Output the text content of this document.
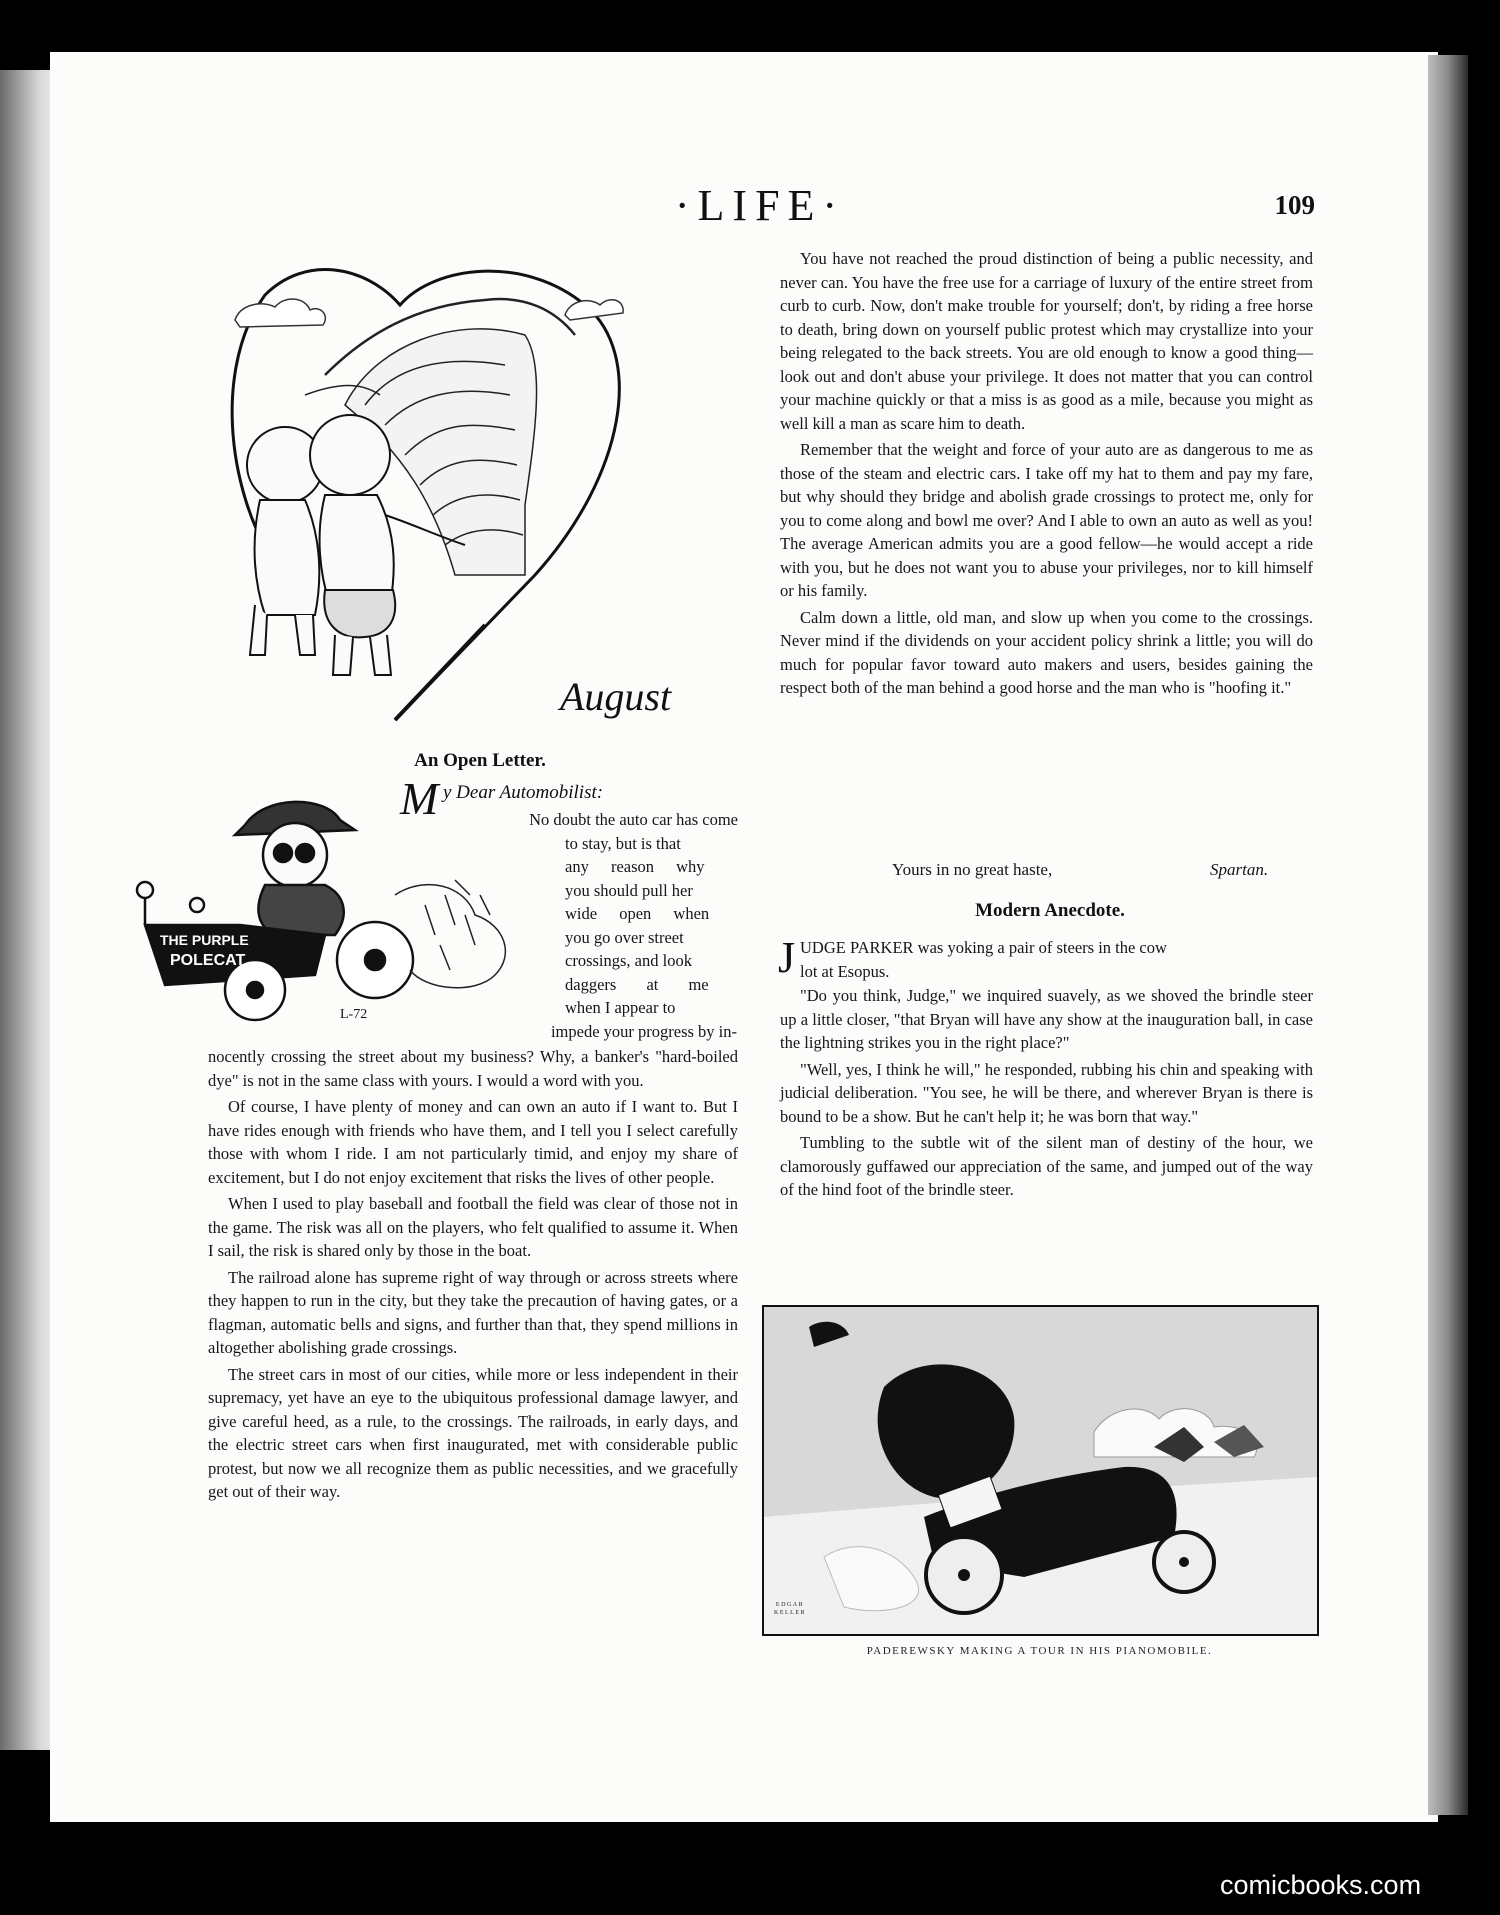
·LIFE·	109
August
An Open Letter.
M y Dear Automobilist:
THE PURPLE
POLECAT
L-72
No doubt the auto car has come
to stay, but is that
any reason why
you should pull her
wide open when
you go over street
crossings, and look
daggers at me
when I appear to
impede your progress by in-

nocently crossing the street about my business? Why, a banker's "hard-boiled dye" is not in the same class with yours. I would a word with you.

Of course, I have plenty of money and can own an auto if I want to. But I have rides enough with friends who have them, and I tell you I select carefully those with whom I ride. I am not particularly timid, and enjoy my share of excitement, but I do not enjoy excitement that risks the lives of other people.

When I used to play baseball and football the field was clear of those not in the game. The risk was all on the players, who felt qualified to assume it. When I sail, the risk is shared only by those in the boat.

The railroad alone has supreme right of way through or across streets where they happen to run in the city, but they take the precaution of having gates, or a flagman, automatic bells and signs, and further than that, they spend millions in altogether abolishing grade crossings.

The street cars in most of our cities, while more or less independent in their supremacy, yet have an eye to the ubiquitous professional damage lawyer, and give careful heed, as a rule, to the crossings. The railroads, in early days, and the electric street cars when first inaugurated, met with considerable public protest, but now we all recognize them as public necessities, and we gracefully get out of their way.

You have not reached the proud distinction of being a public necessity, and never can. You have the free use for a carriage of luxury of the entire street from curb to curb. Now, don't make trouble for yourself; don't, by riding a free horse to death, bring down on yourself public protest which may crystallize into your being relegated to the back streets. You are old enough to know a good thing—look out and don't abuse your privilege. It does not matter that you can control your machine quickly or that a miss is as good as a mile, because you might as well kill a man as scare him to death.

Remember that the weight and force of your auto are as dangerous to me as those of the steam and electric cars. I take off my hat to them and pay my fare, but why should they bridge and abolish grade crossings to protect me, only for you to come along and bowl me over? And I able to own an auto as well as you! The average American admits you are a good fellow—he would accept a ride with you, but he does not want you to abuse your privileges, nor to kill himself or his family.

Calm down a little, old man, and slow up when you come to the crossings. Never mind if the dividends on your accident policy shrink a little; you will do much for popular favor toward auto makers and users, besides gaining the respect both of the man behind a good horse and the man who is "hoofing it."

Yours in no great haste,	Spartan.
Modern Anecdote.
J UDGE PARKER was yoking a pair of steers in the cow
lot at Esopus.

"Do you think, Judge," we inquired suavely, as we shoved the brindle steer up a little closer, "that Bryan will have any show at the inauguration ball, in case the lightning strikes you in the right place?"

"Well, yes, I think he will," he responded, rubbing his chin and speaking with judicial deliberation. "You see, he will be there, and wherever Bryan is there is bound to be a show. But he can't help it; he was born that way."

Tumbling to the subtle wit of the silent man of destiny of the hour, we clamorously guffawed our appreciation of the same, and jumped out of the way of the hind foot of the brindle steer.

EDGAR
KELLER
PADEREWSKY MAKING A TOUR IN HIS PIANOMOBILE.
comicbooks.com
